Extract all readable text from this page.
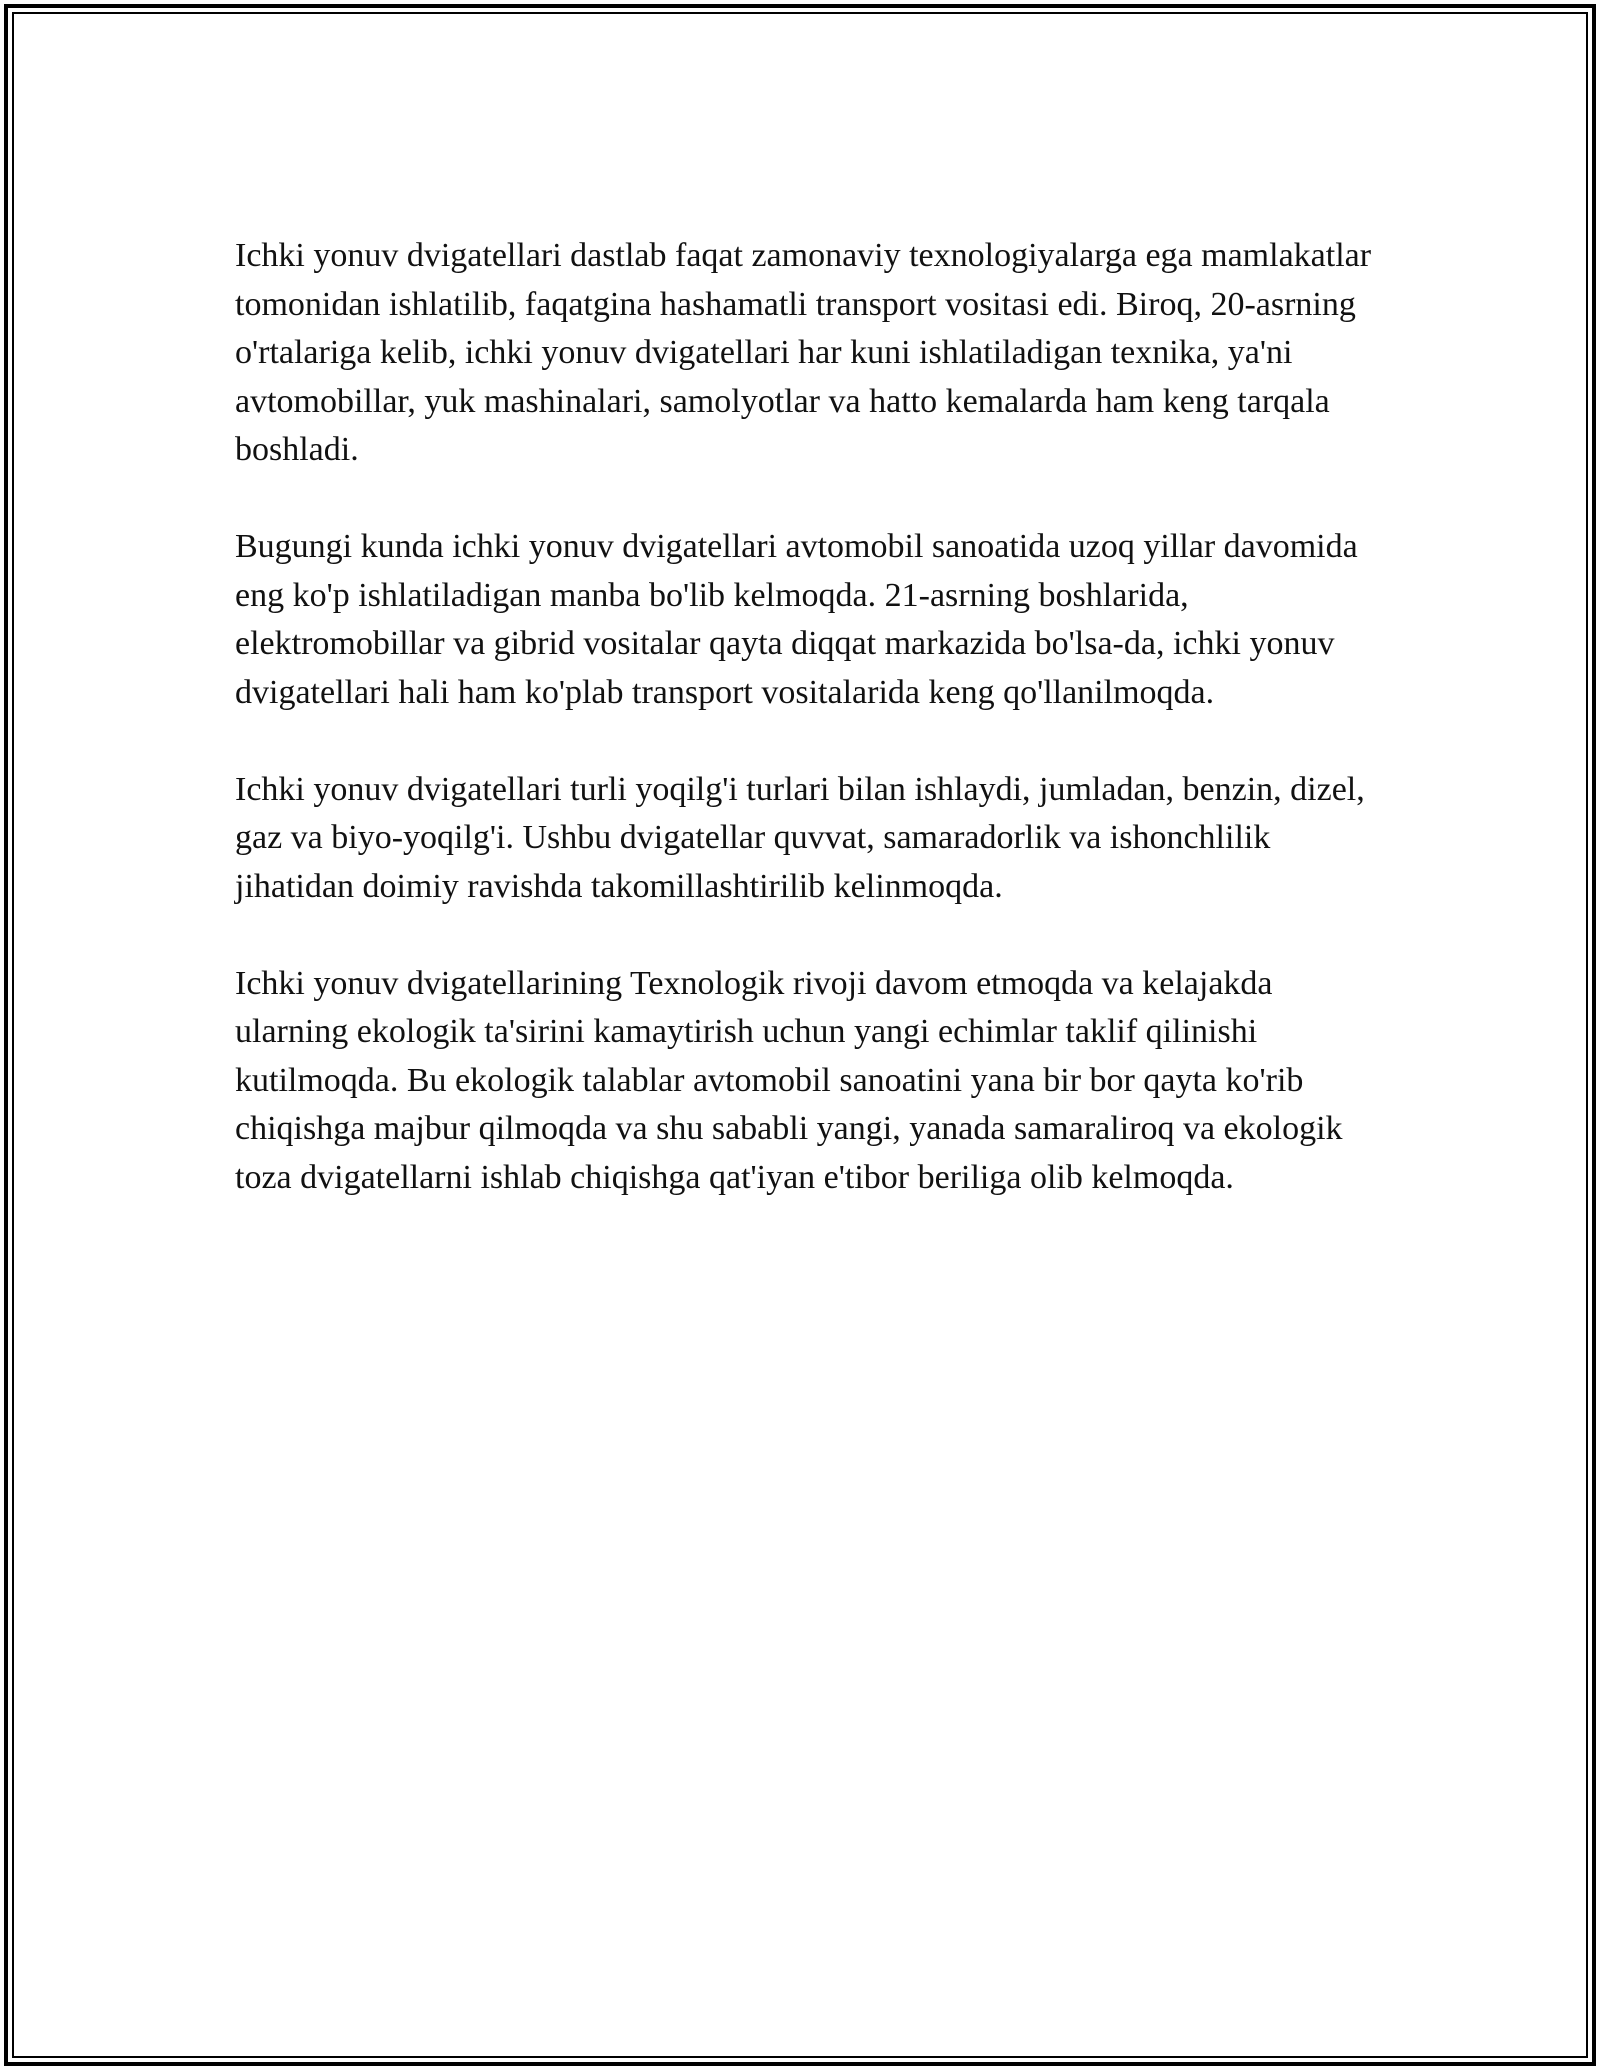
Ichki yonuv dvigatellari dastlab faqat zamonaviy texnologiyalarga ega mamlakatlar tomonidan ishlatilib, faqatgina hashamatli transport vositasi edi. Biroq, 20-asrning o'rtalariga kelib, ichki yonuv dvigatellari har kuni ishlatiladigan texnika, ya'ni avtomobillar, yuk mashinalari, samolyotlar va hatto kemalarda ham keng tarqala boshladi.

Bugungi kunda ichki yonuv dvigatellari avtomobil sanoatida uzoq yillar davomida eng ko'p ishlatiladigan manba bo'lib kelmoqda. 21-asrning boshlarida, elektromobillar va gibrid vositalar qayta diqqat markazida bo'lsa-da, ichki yonuv dvigatellari hali ham ko'plab transport vositalarida keng qo'llanilmoqda.

Ichki yonuv dvigatellari turli yoqilg'i turlari bilan ishlaydi, jumladan, benzin, dizel, gaz va biyo-yoqilg'i. Ushbu dvigatellar quvvat, samaradorlik va ishonchlilik jihatidan doimiy ravishda takomillashtirilib kelinmoqda.

Ichki yonuv dvigatellarining Texnologik rivoji davom etmoqda va kelajakda ularning ekologik ta'sirini kamaytirish uchun yangi echimlar taklif qilinishi kutilmoqda. Bu ekologik talablar avtomobil sanoatini yana bir bor qayta ko'rib chiqishga majbur qilmoqda va shu sababli yangi, yanada samaraliroq va ekologik toza dvigatellarni ishlab chiqishga qat'iyan e'tibor beriliga olib kelmoqda.
